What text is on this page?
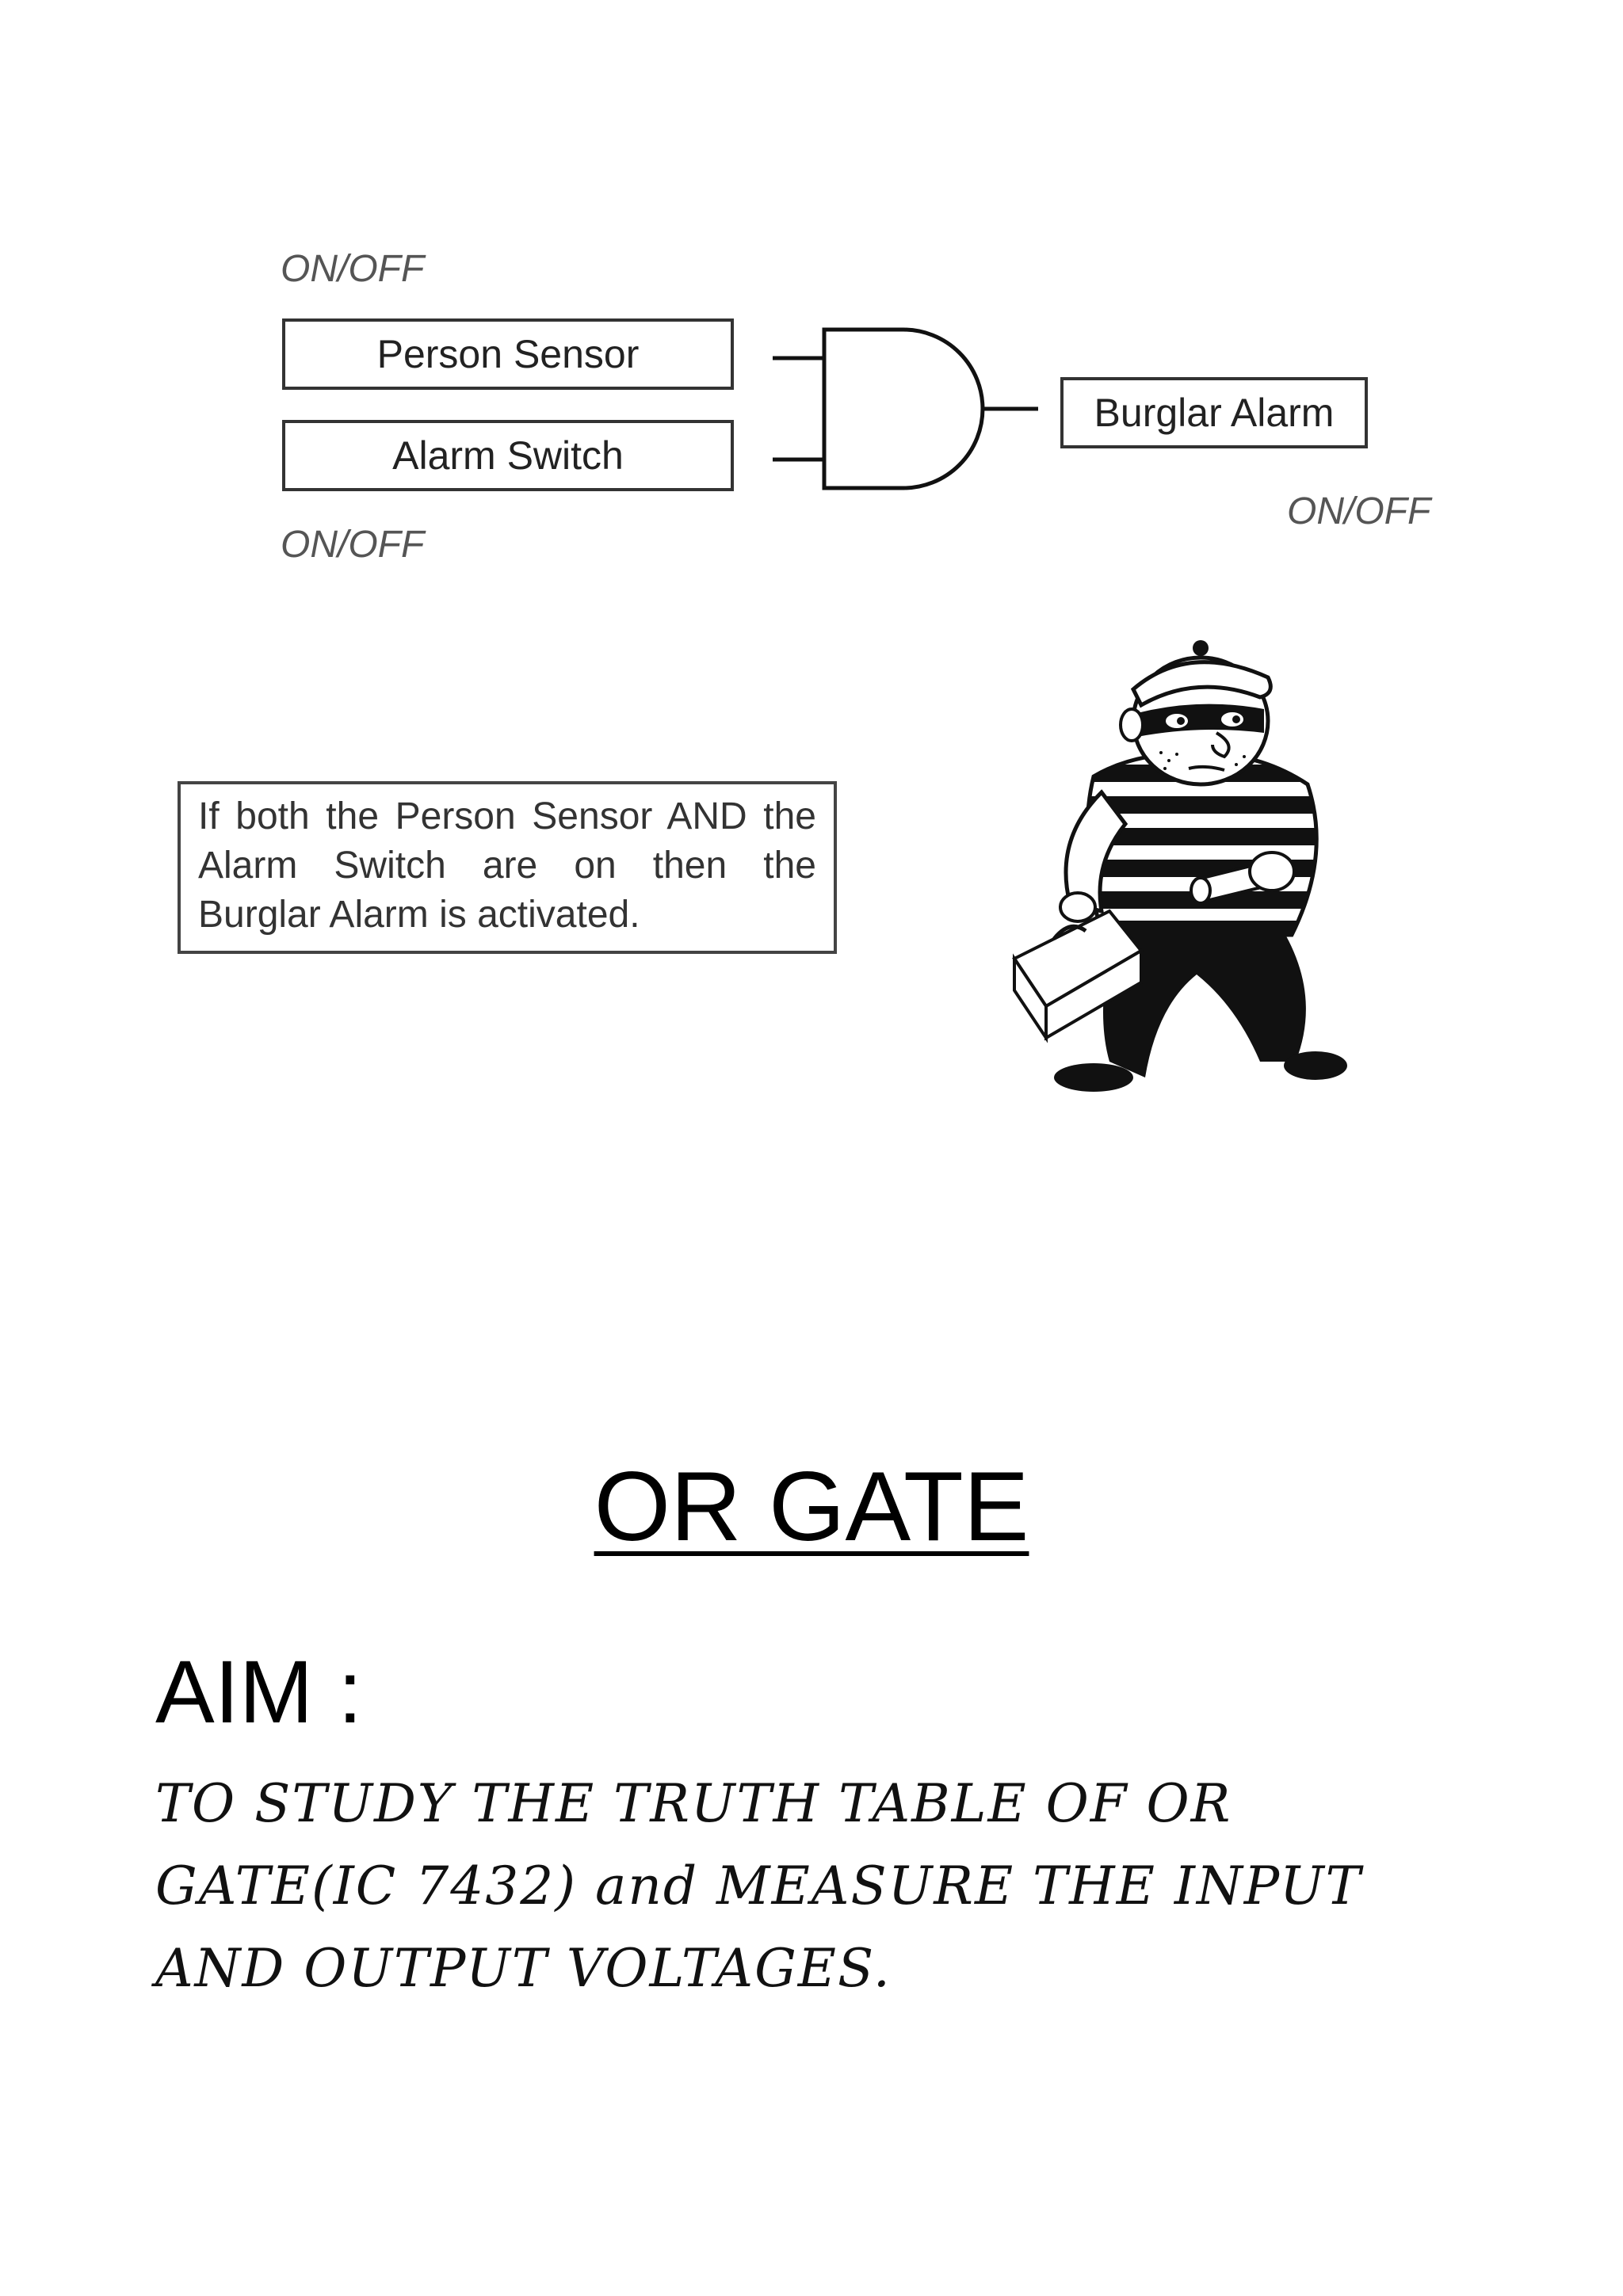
ON/OFF
Person Sensor
Alarm Switch
ON/OFF
Burglar Alarm
ON/OFF
If both the Person Sensor AND the Alarm Switch are on then the Burglar Alarm is activated.
OR GATE
AIM :
TO STUDY THE TRUTH TABLE OF OR
GATE(IC 7432) and MEASURE THE INPUT
AND OUTPUT VOLTAGES.
